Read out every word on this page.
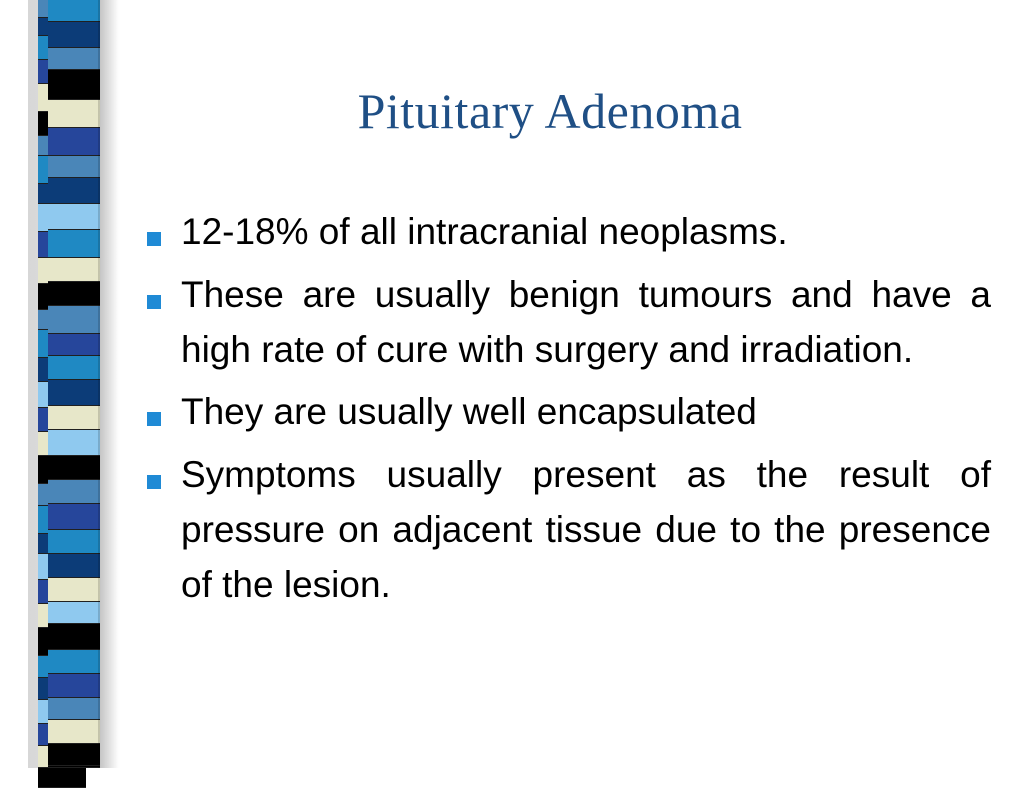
Pituitary Adenoma
12-18% of all intracranial neoplasms.
These are usually benign tumours and have a high rate of cure with surgery and irradiation.
They are usually well encapsulated
Symptoms usually present as the result of pressure on adjacent tissue due to the presence of the lesion.
